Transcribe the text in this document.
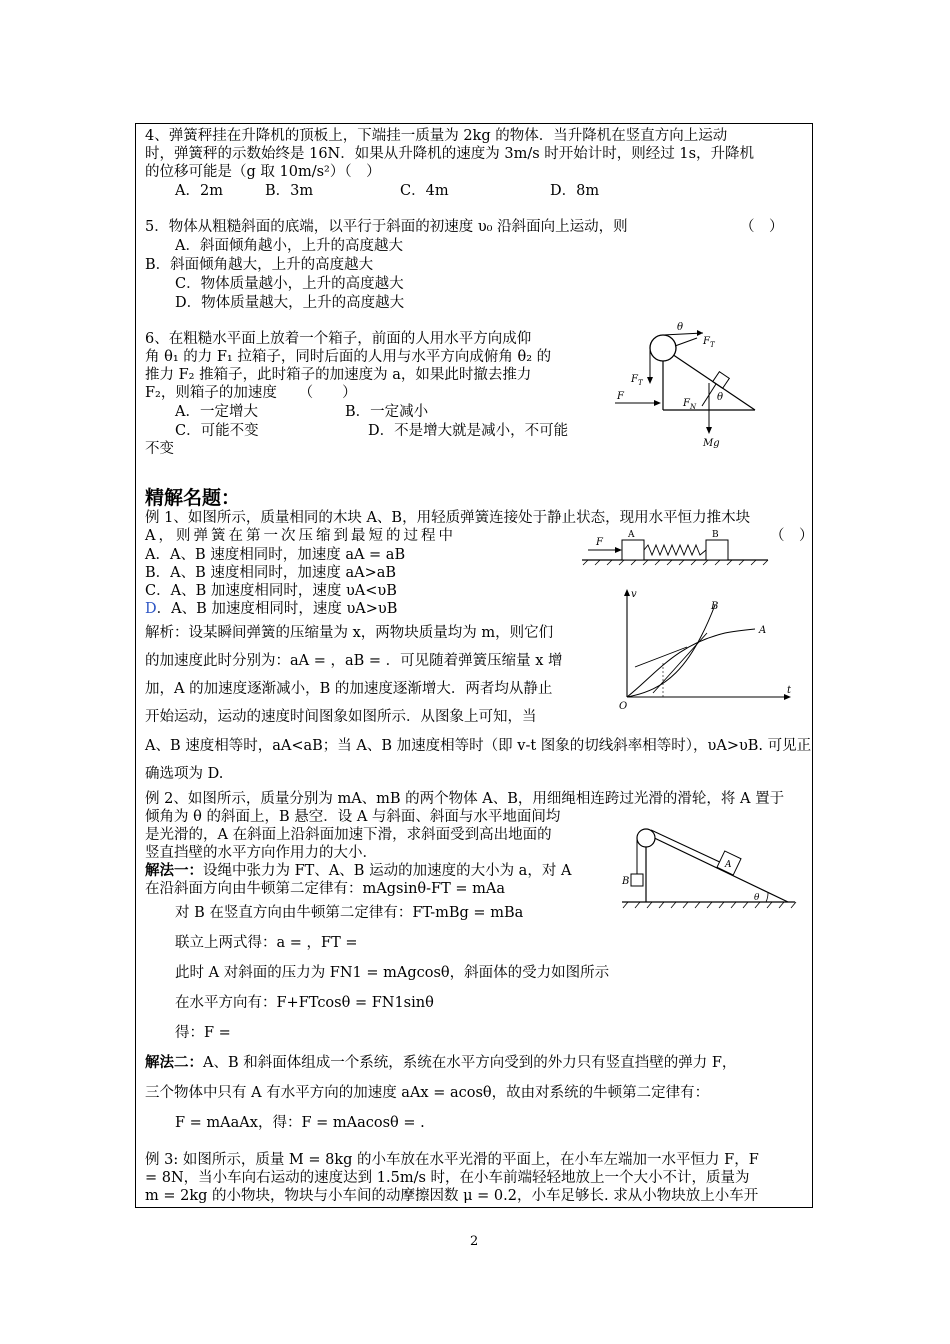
4、弹簧秤挂在升降机的顶板上，下端挂一质量为 2kg 的物体．当升降机在竖直方向上运动
时，弹簧秤的示数始终是 16N．如果从升降机的速度为 3m/s 时开始计时，则经过 1s，升降机
的位移可能是（g 取 10m/s²）（　）
A．2m	B．3m	C．4m	D．8m
5．物体从粗糙斜面的底端，以平行于斜面的初速度 υ₀ 沿斜面向上运动，则	（　）
A．斜面倾角越小，上升的高度越大
B．斜面倾角越大，上升的高度越大
C．物体质量越小，上升的高度越大
D．物体质量越大，上升的高度越大
6、在粗糙水平面上放着一个箱子，前面的人用水平方向成仰
角 θ₁ 的力 F₁ 拉箱子，同时后面的人用与水平方向成俯角 θ₂ 的
推力 F₂ 推箱子，此时箱子的加速度为 a，如果此时撤去推力
F₂，则箱子的加速度　　（　　）
A．一定增大	B．一定减小
C．可能不变	D．不是增大就是减小，不可能
不变
θ
$F_T$
$F_T$
F
$F_N$
θ
Mg
精解名题：
例 1、如图所示，质量相同的木块 A、B，用轻质弹簧连接处于静止状态，现用水平恒力推木块
A，则弹簧在第一次压缩到最短的过程中	（　）
A．A、B 速度相同时，加速度 aA = aB
B．A、B 速度相同时，加速度 aA>aB
C．A、B 加速度相同时，速度 υA<υB
D．A、B 加速度相同时，速度 υA>υB
F
A	B
v
t
O
A
B
解析：设某瞬间弹簧的压缩量为 x，两物块质量均为 m，则它们
的加速度此时分别为：aA = ，aB = ．可见随着弹簧压缩量 x 增
加，A 的加速度逐渐减小，B 的加速度逐渐增大．两者均从静止
开始运动，运动的速度时间图象如图所示．从图象上可知，当
A、B 速度相等时，aA<aB；当 A、B 加速度相等时（即 v-t 图象的切线斜率相等时），υA>υB. 可见正
确选项为 D.
例 2、如图所示，质量分别为 mA、mB 的两个物体 A、B，用细绳相连跨过光滑的滑轮，将 A 置于
倾角为 θ 的斜面上，B 悬空．设 A 与斜面、斜面与水平地面间均
是光滑的，A 在斜面上沿斜面加速下滑，求斜面受到高出地面的
竖直挡壁的水平方向作用力的大小．
解法一：设绳中张力为 FT、A、B 运动的加速度的大小为 a，对 A
在沿斜面方向由牛顿第二定律有：mAgsinθ-FT = mAa
对 B 在竖直方向由牛顿第二定律有：FT-mBg = mBa
联立上两式得：a = ，FT =
此时 A 对斜面的压力为 FN1 = mAgcosθ，斜面体的受力如图所示
在水平方向有：F+FTcosθ = FN1sinθ
得：F =
解法二：A、B 和斜面体组成一个系统，系统在水平方向受到的外力只有竖直挡壁的弹力 F，
三个物体中只有 A 有水平方向的加速度 aAx = acosθ，故由对系统的牛顿第二定律有：
F = mAaAx，得：F = mAacosθ = .
B
A
θ
例 3: 如图所示，质量 M = 8kg 的小车放在水平光滑的平面上，在小车左端加一水平恒力 F，F
= 8N，当小车向右运动的速度达到 1.5m/s 时，在小车前端轻轻地放上一个大小不计，质量为
m = 2kg 的小物块，物块与小车间的动摩擦因数 μ = 0.2，小车足够长. 求从小物块放上小车开
2
